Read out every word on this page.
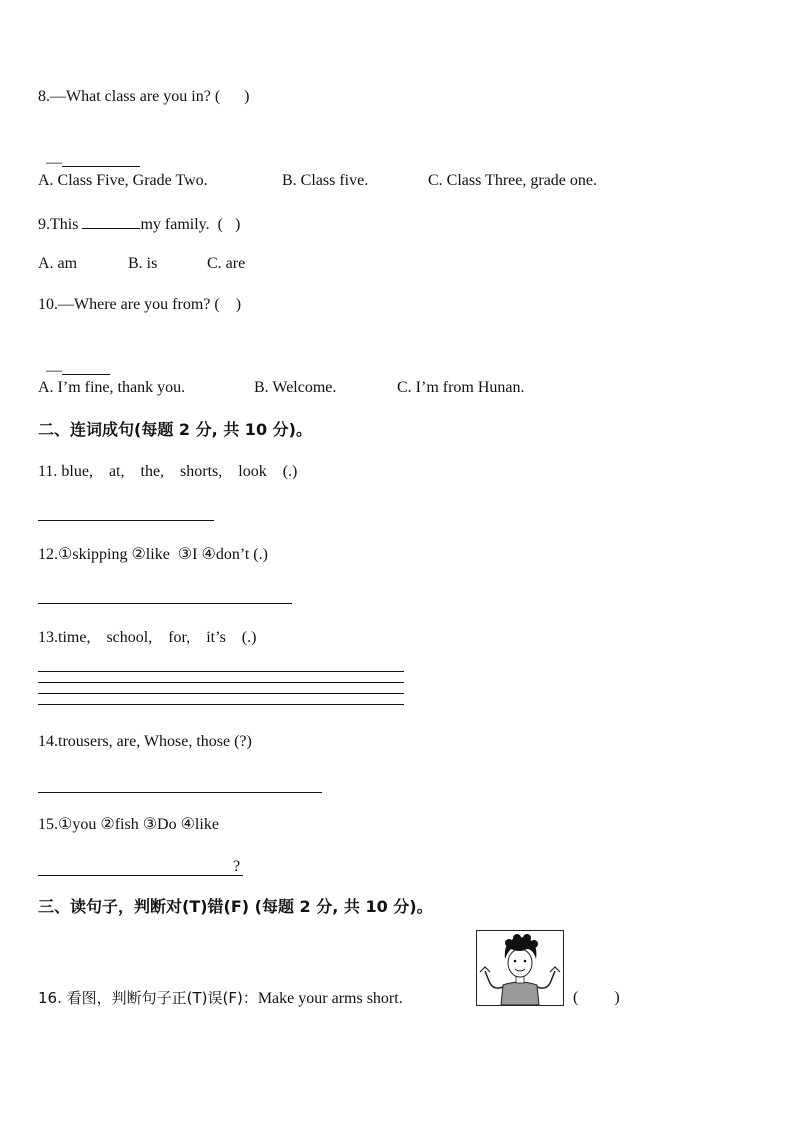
8.—What class are you in? (      )

—

A. Class Five, Grade Two.	B. Class five.	C. Class Three, grade one.
9.This	my family.  (   )
A. am	B. is	C. are
10.—Where are you from? (    )

—

A. I’m fine, thank you.	B. Welcome.	C. I’m from Hunan.
二、连词成句(每题 2 分, 共 10 分)。
11. blue,    at,    the,    shorts,    look    (.)
12.①skipping ②like  ③I ④don’t (.)
13.time,    school,    for,    it’s    (.)
14.trousers, are, Whose, those (?)
15.①you ②fish ③Do ④like
?
三、读句子，判断对(T)错(F) (每题 2 分, 共 10 分)。
16. 看图，判断句子正(T)误(F)：Make your arms short.	(         )
